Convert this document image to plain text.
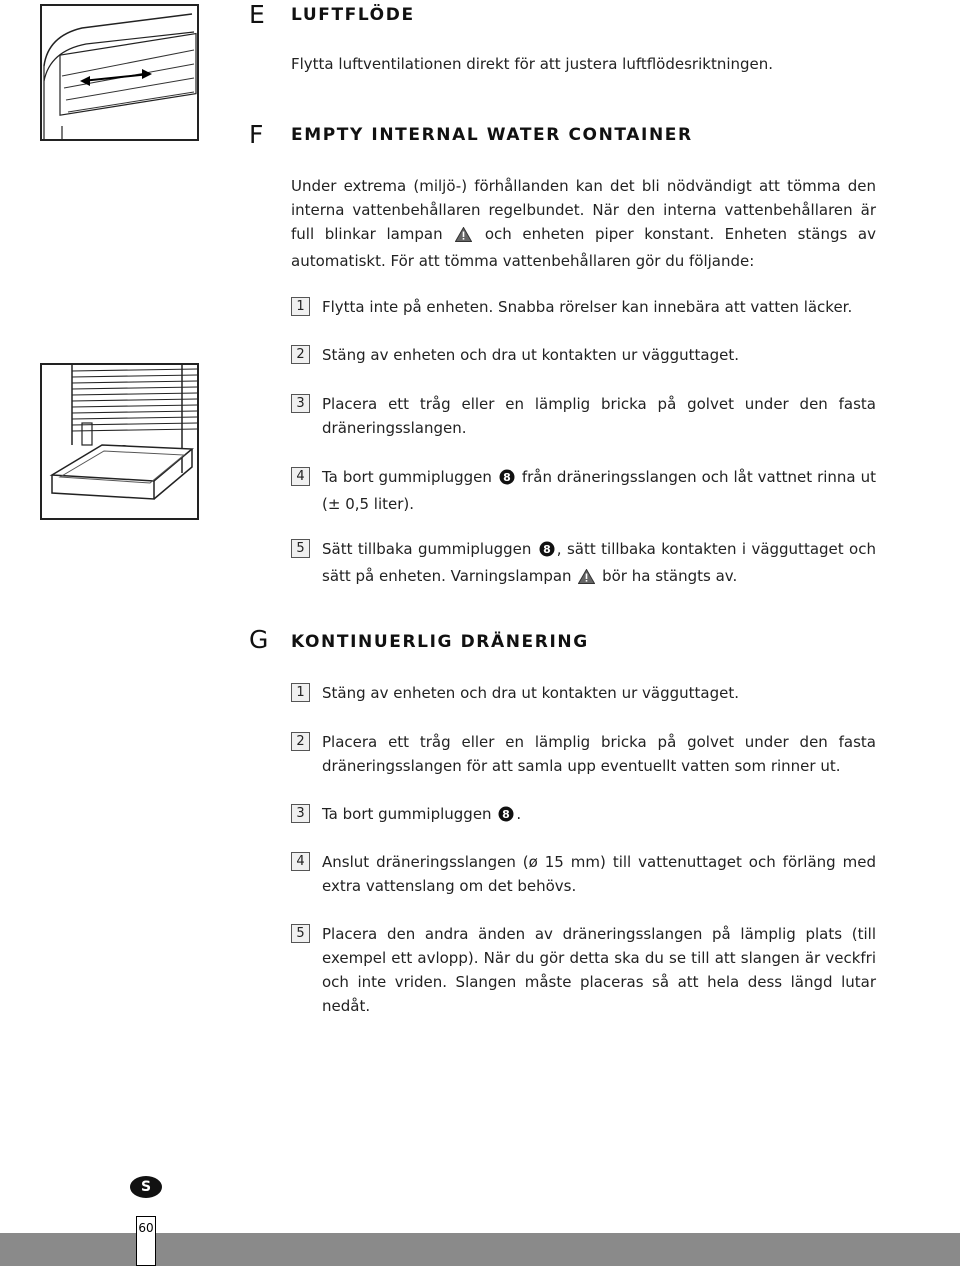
E LUFTFLÖDE
Flytta luftventilationen direkt för att justera luftflödesriktningen.
F EMPTY INTERNAL WATER CONTAINER
Under extrema (miljö-) förhållanden kan det bli nödvändigt att tömma den interna vattenbehållaren regelbundet. När den interna vattenbehållaren är full blinkar lampan	och enheten piper konstant. Enheten stängs av automatiskt. För att tömma vattenbehållaren gör du följande:
1	Flytta inte på enheten. Snabba rörelser kan innebära att vatten läcker.
2	Stäng av enheten och dra ut kontakten ur vägguttaget.
3	Placera ett tråg eller en lämplig bricka på golvet under den fasta dräneringsslangen.
4	Ta bort gummipluggen 8 från dräneringsslangen och låt vattnet rinna ut (± 0,5 liter).
5	Sätt tillbaka gummipluggen 8 , sätt tillbaka kontakten i vägguttaget och sätt på enheten. Varningslampan bör ha stängts av.
G KONTINUERLIG DRÄNERING
1	Stäng av enheten och dra ut kontakten ur vägguttaget.
2	Placera ett tråg eller en lämplig bricka på golvet under den fasta dräneringsslangen för att samla upp eventuellt vatten som rinner ut.
3	Ta bort gummipluggen 8 .
4	Anslut dräneringsslangen (ø 15 mm) till vattenuttaget och förläng med extra vattenslang om det behövs.
5	Placera den andra änden av dräneringsslangen på lämplig plats (till exempel ett avlopp). När du gör detta ska du se till att slangen är veckfri och inte vriden. Slangen måste placeras så att hela dess längd lutar nedåt.
S
60
